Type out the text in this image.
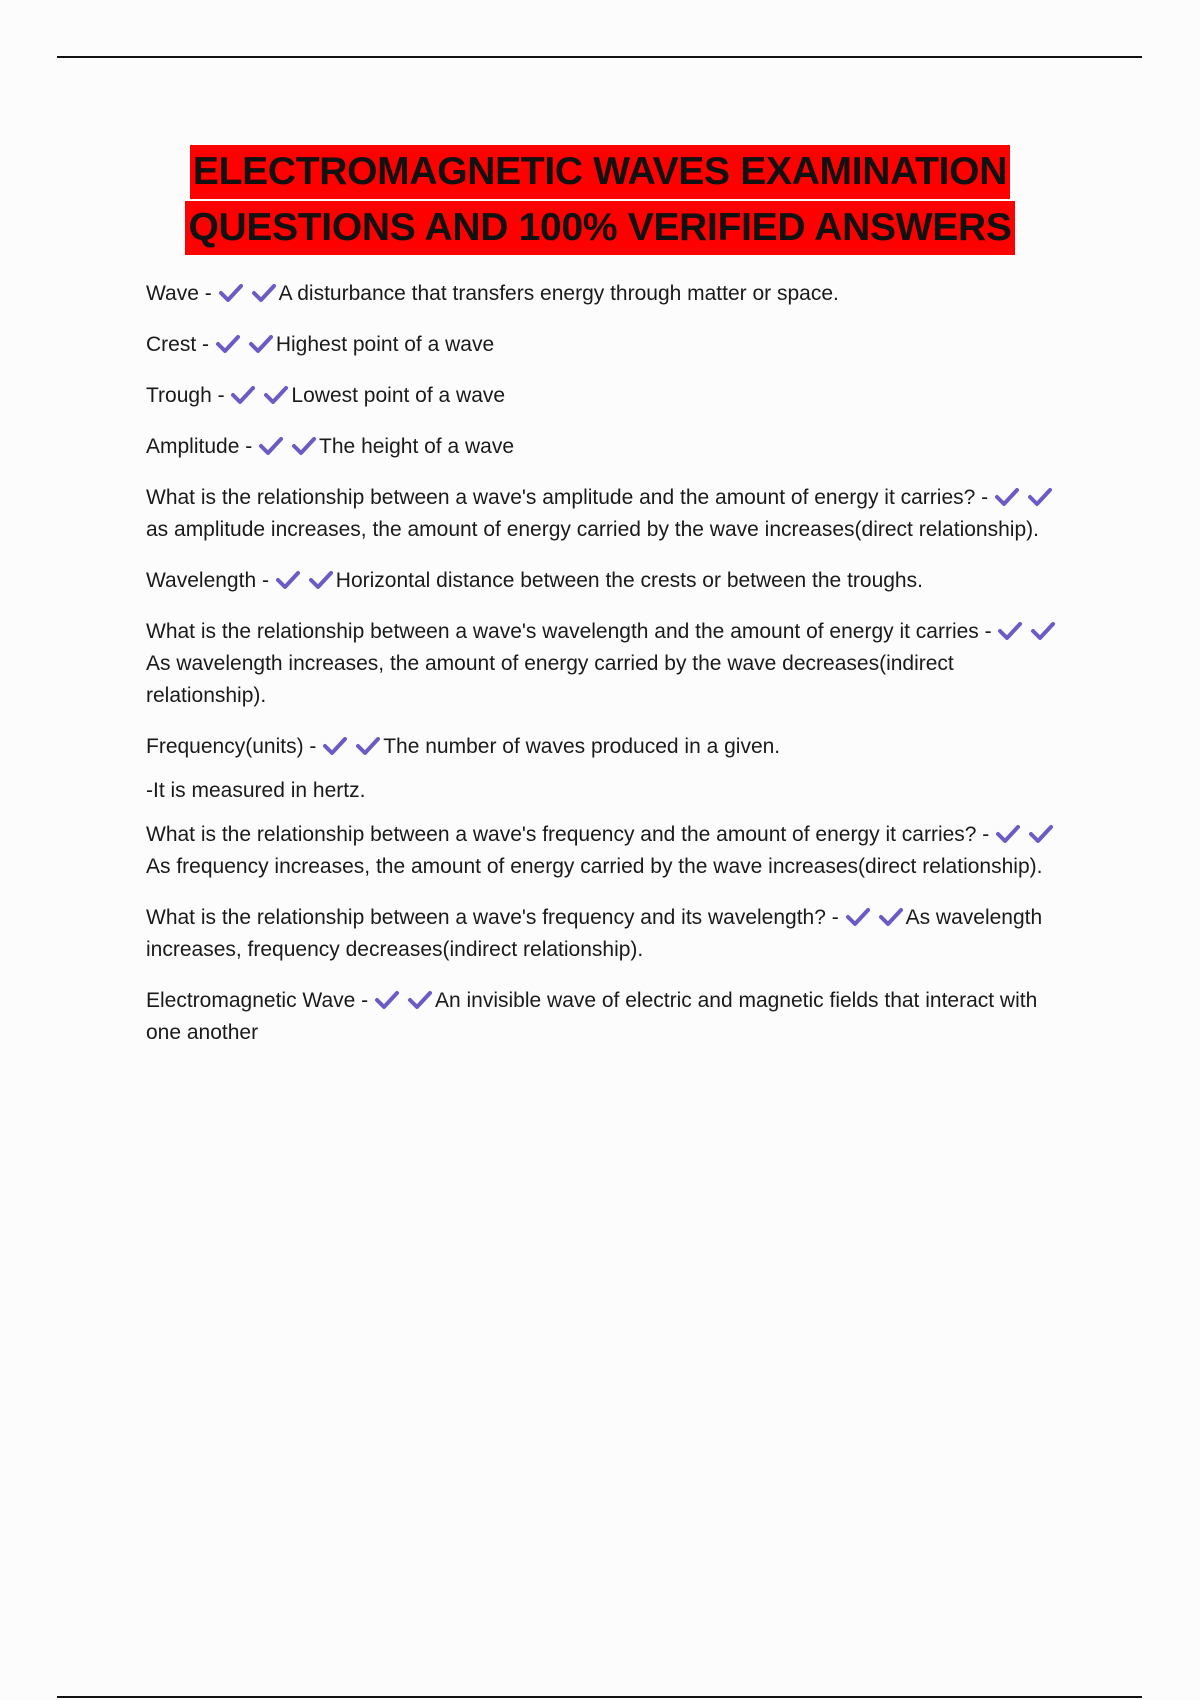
ELECTROMAGNETIC WAVES EXAMINATION
QUESTIONS AND 100% VERIFIED ANSWERS

Wave -	A disturbance that transfers energy through matter or space.

Crest -	Highest point of a wave

Trough -	Lowest point of a wave

Amplitude -	The height of a wave

What is the relationship between a wave's amplitude and the amount of energy it carries? -
as amplitude increases, the amount of energy carried by the wave increases(direct relationship).

Wavelength -	Horizontal distance between the crests or between the troughs.

What is the relationship between a wave's wavelength and the amount of energy it carries -
As wavelength increases, the amount of energy carried by the wave decreases(indirect relationship).

Frequency(units) -	The number of waves produced in a given.

-It is measured in hertz.

What is the relationship between a wave's frequency and the amount of energy it carries? -
As frequency increases, the amount of energy carried by the wave increases(direct relationship).

What is the relationship between a wave's frequency and its wavelength? -	As wavelength increases, frequency decreases(indirect relationship).

Electromagnetic Wave -	An invisible wave of electric and magnetic fields that interact with one another
